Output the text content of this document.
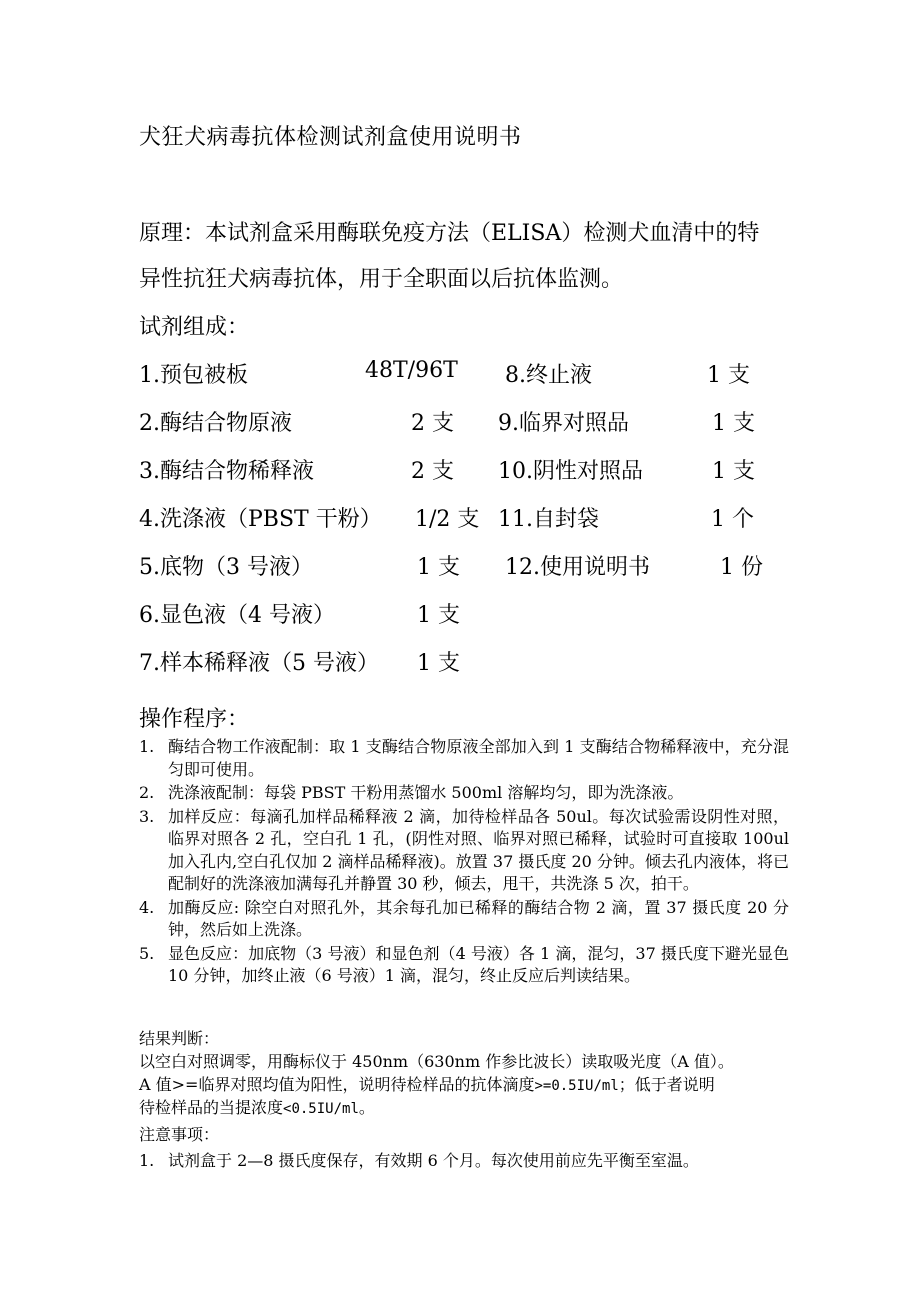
犬狂犬病毒抗体检测试剂盒使用说明书
原理：本试剂盒采用酶联免疫方法（ELISA）检测犬血清中的特
异性抗狂犬病毒抗体，用于全职面以后抗体监测。
试剂组成：
1.预包被板	48T/96T 8.终止液	1 支
2.酶结合物原液	2 支 9.临界对照品	1 支
3.酶结合物稀释液	2 支 10.阴性对照品	1 支
4.洗涤液（PBST 干粉） 1/2 支 11.自封袋	1 个
5.底物（3 号液）	1 支 12.使用说明书	1 份
6.显色液（4 号液）	1 支
7.样本稀释液（5 号液） 1 支
操作程序：
1. 酶结合物工作液配制：取 1 支酶结合物原液全部加入到 1 支酶结合物稀释液中，充分混匀即可使用。
2. 洗涤液配制：每袋 PBST 干粉用蒸馏水 500ml 溶解均匀，即为洗涤液。
3. 加样反应：每滴孔加样品稀释液 2 滴，加待检样品各 50ul。每次试验需设阴性对照，临界对照各 2 孔，空白孔 1 孔，(阴性对照、临界对照已稀释，试验时可直接取 100ul 加入孔内,空白孔仅加 2 滴样品稀释液)。放置 37 摄氏度 20 分钟。倾去孔内液体，将已配制好的洗涤液加满每孔并静置 30 秒，倾去，甩干，共洗涤 5 次，拍干。
4. 加酶反应: 除空白对照孔外，其余每孔加已稀释的酶结合物 2 滴，置 37 摄氏度 20 分钟，然后如上洗涤。
5. 显色反应：加底物（3 号液）和显色剂（4 号液）各 1 滴，混匀，37 摄氏度下避光显色 10 分钟，加终止液（6 号液）1 滴，混匀，终止反应后判读结果。
结果判断：
以空白对照调零，用酶标仪于 450nm（630nm 作参比波长）读取吸光度（A 值）。
A 值>=临界对照均值为阳性，说明待检样品的抗体滴度>=0.5IU/ml；低于者说明
待检样品的当提浓度<0.5IU/ml。
注意事项：
1. 试剂盒于 2—8 摄氏度保存，有效期 6 个月。每次使用前应先平衡至室温。
